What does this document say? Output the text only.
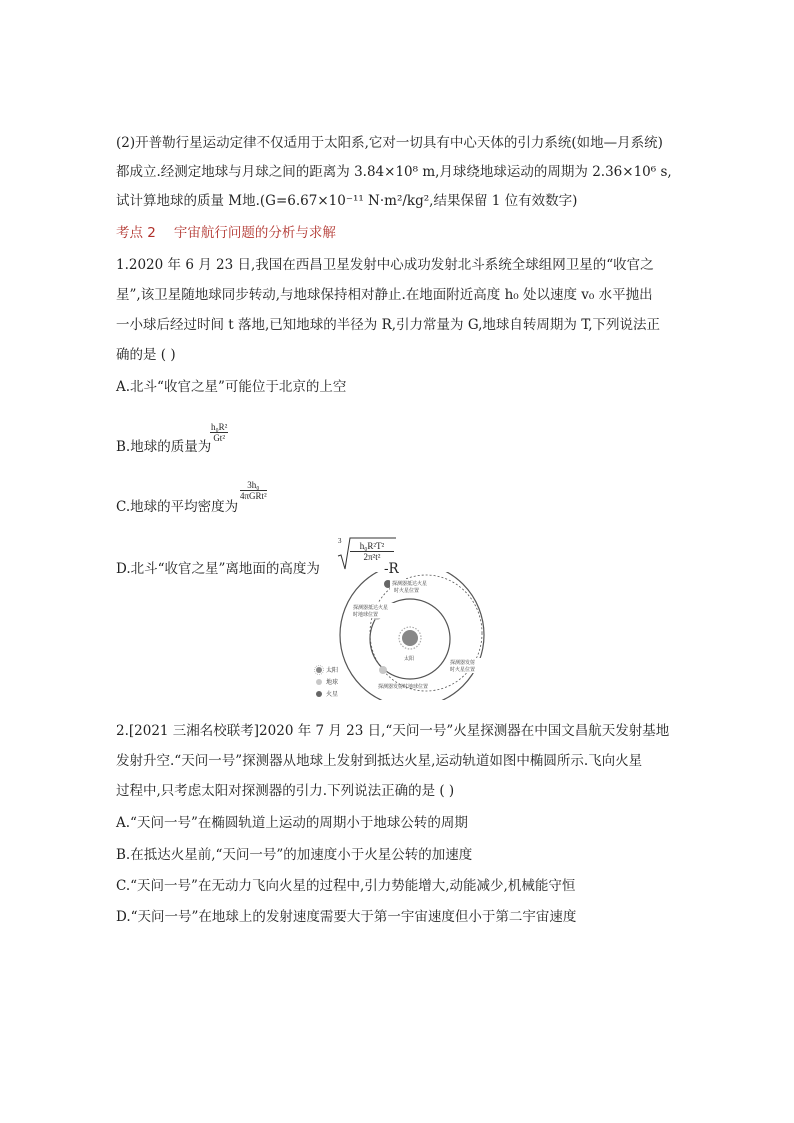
(2)开普勒行星运动定律不仅适用于太阳系,它对一切具有中心天体的引力系统(如地—月系统)
都成立.经测定地球与月球之间的距离为 3.84×10⁸ m,月球绕地球运动的周期为 2.36×10⁶ s,
试计算地球的质量 M地.(G=6.67×10⁻¹¹ N·m²/kg²,结果保留 1 位有效数字)
考点 2 宇宙航行问题的分析与求解
1.2020 年 6 月 23 日,我国在西昌卫星发射中心成功发射北斗系统全球组网卫星的“收官之
星”,该卫星随地球同步转动,与地球保持相对静止.在地面附近高度 h₀ 处以速度 v₀ 水平抛出
一小球后经过时间 t 落地,已知地球的半径为 R,引力常量为 G,地球自转周期为 T,下列说法正
确的是 ( )
A.北斗“收官之星”可能位于北京的上空
B.地球的质量为
$\frac{\text{h₀R²}}{\text{Gt²}}$
C.地球的平均密度为
3h₀
4πGRt²
D.北斗“收官之星”离地面的高度为
$3 \frac{\text{h₀R²T²}}{\text{2π²t²}}$
-R
太阳
探测器抵达火星
时火星位置
探测器抵达火星
时地球位置
探测器发射
时火星位置
探测器发射时地球位置
太阳
地球
火星
2.[2021 三湘名校联考]2020 年 7 月 23 日,“天问一号”火星探测器在中国文昌航天发射基地
发射升空.“天问一号”探测器从地球上发射到抵达火星,运动轨道如图中椭圆所示.飞向火星
过程中,只考虑太阳对探测器的引力.下列说法正确的是 ( )
A.“天问一号”在椭圆轨道上运动的周期小于地球公转的周期
B.在抵达火星前,“天问一号”的加速度小于火星公转的加速度
C.“天问一号”在无动力飞向火星的过程中,引力势能增大,动能减少,机械能守恒
D.“天问一号”在地球上的发射速度需要大于第一宇宙速度但小于第二宇宙速度
